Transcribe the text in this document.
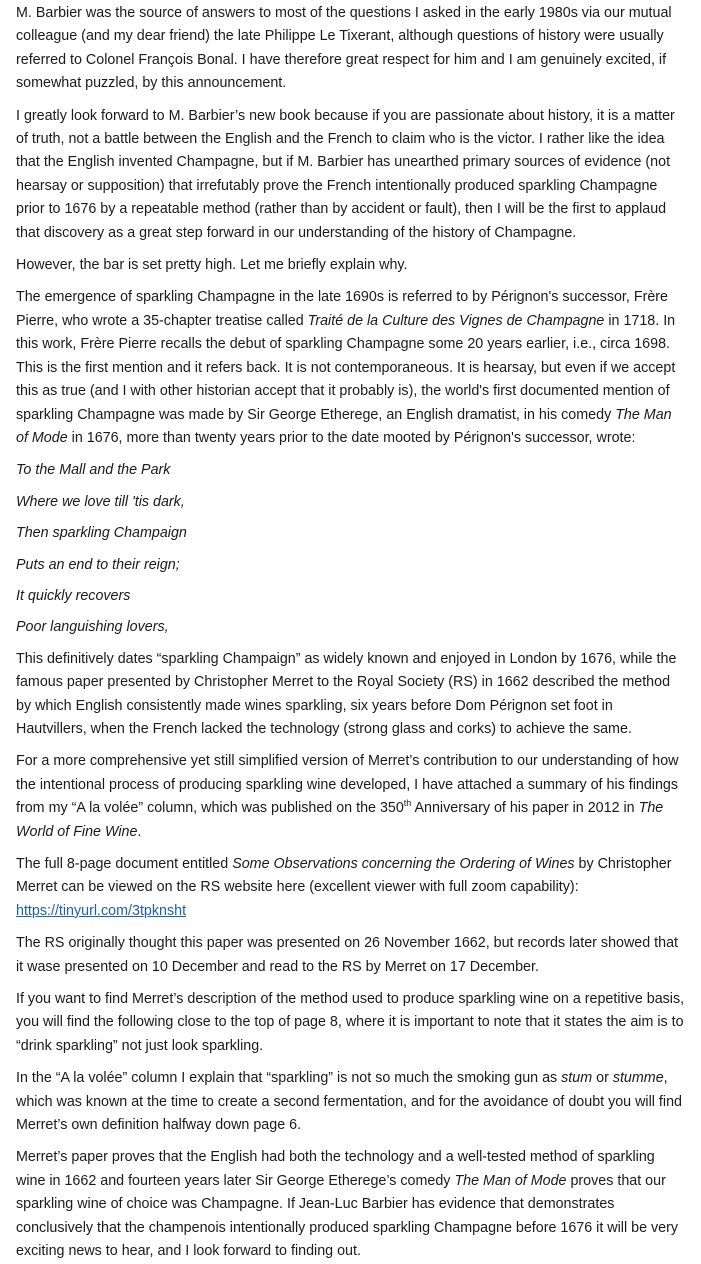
M. Barbier was the source of answers to most of the questions I asked in the early 1980s via our mutual colleague (and my dear friend) the late Philippe Le Tixerant, although questions of history were usually referred to Colonel François Bonal. I have therefore great respect for him and I am genuinely excited, if somewhat puzzled, by this announcement.

I greatly look forward to M. Barbier’s new book because if you are passionate about history, it is a matter of truth, not a battle between the English and the French to claim who is the victor. I rather like the idea that the English invented Champagne, but if M. Barbier has unearthed primary sources of evidence (not hearsay or supposition) that irrefutably prove the French intentionally produced sparkling Champagne prior to 1676 by a repeatable method (rather than by accident or fault), then I will be the first to applaud that discovery as a great step forward in our understanding of the history of Champagne.

However, the bar is set pretty high. Let me briefly explain why.

The emergence of sparkling Champagne in the late 1690s is referred to by Pérignon's successor, Frère Pierre, who wrote a 35-chapter treatise called Traité de la Culture des Vignes de Champagne in 1718. In this work, Frère Pierre recalls the debut of sparkling Champagne some 20 years earlier, i.e., circa 1698. This is the first mention and it refers back. It is not contemporaneous. It is hearsay, but even if we accept this as true (and I with other historian accept that it probably is), the world's first documented mention of sparkling Champagne was made by Sir George Etherege, an English dramatist, in his comedy The Man of Mode in 1676, more than twenty years prior to the date mooted by Pérignon's successor, wrote:

To the Mall and the Park

Where we love till 'tis dark,

Then sparkling Champaign

Puts an end to their reign;

It quickly recovers

Poor languishing lovers,

This definitively dates “sparkling Champaign” as widely known and enjoyed in London by 1676, while the famous paper presented by Christopher Merret to the Royal Society (RS) in 1662 described the method by which English consistently made wines sparkling, six years before Dom Pérignon set foot in Hautvillers, when the French lacked the technology (strong glass and corks) to achieve the same.

For a more comprehensive yet still simplified version of Merret’s contribution to our understanding of how the intentional process of producing sparkling wine developed, I have attached a summary of his findings from my “A la volée” column, which was published on the 350th Anniversary of his paper in 2012 in The World of Fine Wine.

The full 8-page document entitled Some Observations concerning the Ordering of Wines by Christopher Merret can be viewed on the RS website here (excellent viewer with full zoom capability): https://tinyurl.com/3tpknsht

The RS originally thought this paper was presented on 26 November 1662, but records later showed that it wase presented on 10 December and read to the RS by Merret on 17 December.

If you want to find Merret’s description of the method used to produce sparkling wine on a repetitive basis, you will find the following close to the top of page 8, where it is important to note that it states the aim is to “drink sparkling” not just look sparkling.

In the “A la volée” column I explain that “sparkling” is not so much the smoking gun as stum or stumme, which was known at the time to create a second fermentation, and for the avoidance of doubt you will find Merret’s own definition halfway down page 6.

Merret’s paper proves that the English had both the technology and a well-tested method of sparkling wine in 1662 and fourteen years later Sir George Etherege’s comedy The Man of Mode proves that our sparkling wine of choice was Champagne. If Jean-Luc Barbier has evidence that demonstrates conclusively that the champenois intentionally produced sparkling Champagne before 1676 it will be very exciting news to hear, and I look forward to finding out.
